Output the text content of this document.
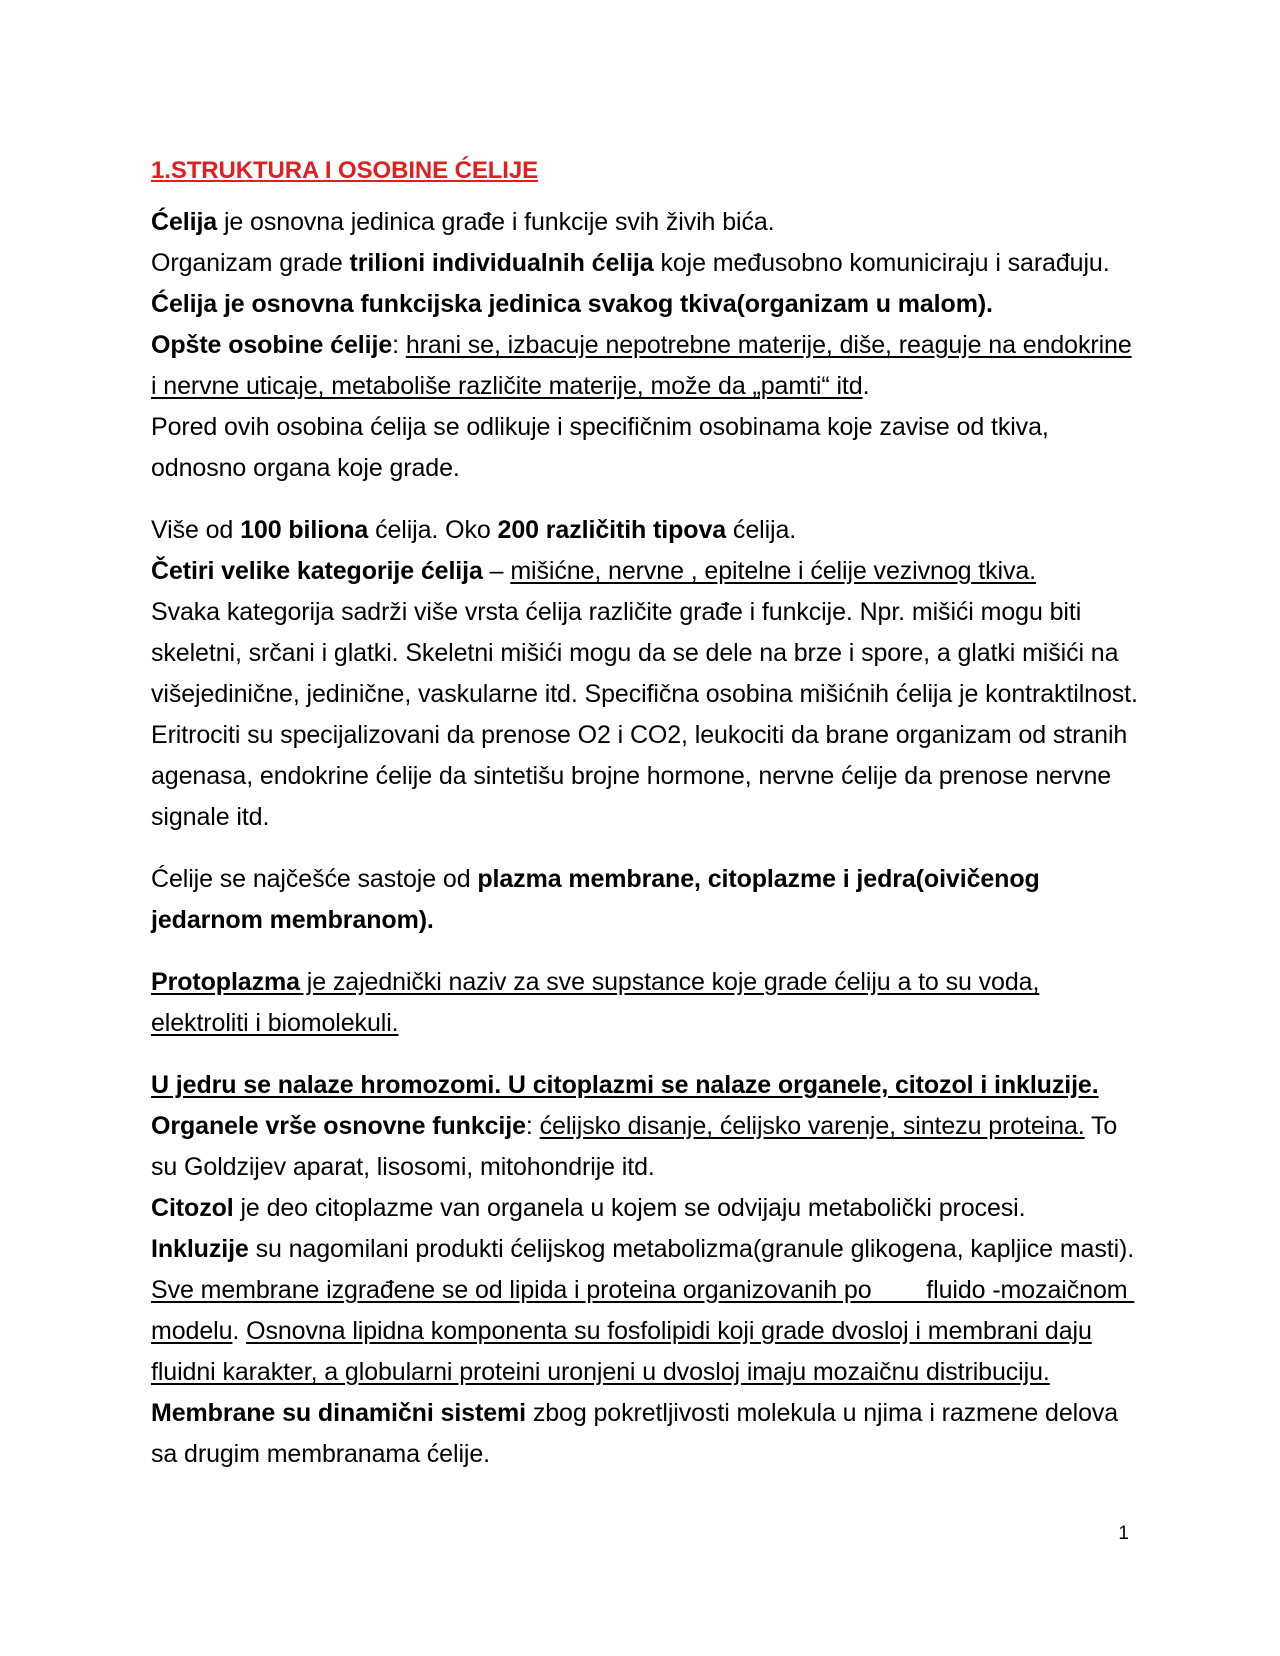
1.STRUKTURA I OSOBINE ĆELIJE

Ćelija je osnovna jedinica građe i funkcije svih živih bića.
Organizam grade trilioni individualnih ćelija koje međusobno komuniciraju i sarađuju. Ćelija je osnovna funkcijska jedinica svakog tkiva(organizam u malom).
Opšte osobine ćelije: hrani se, izbacuje nepotrebne materije, diše, reaguje na endokrine i nervne uticaje, metaboliše različite materije, može da „pamti“ itd.
Pored ovih osobina ćelija se odlikuje i specifičnim osobinama koje zavise od tkiva, odnosno organa koje grade.

Više od 100 biliona ćelija. Oko 200 različitih tipova ćelija.
Četiri velike kategorije ćelija – mišićne, nervne , epitelne i ćelije vezivnog tkiva.
Svaka kategorija sadrži više vrsta ćelija različite građe i funkcije. Npr. mišići mogu biti skeletni, srčani i glatki. Skeletni mišići mogu da se dele na brze i spore, a glatki mišići na višejedinične, jedinične, vaskularne itd. Specifična osobina mišićnih ćelija je kontraktilnost. Eritrociti su specijalizovani da prenose O2 i CO2, leukociti da brane organizam od stranih agenasa, endokrine ćelije da sintetišu brojne hormone, nervne ćelije da prenose nervne signale itd.

Ćelije se najčešće sastoje od plazma membrane, citoplazme i jedra(oivičenog jedarnom membranom).

Protoplazma je zajednički naziv za sve supstance koje grade ćeliju a to su voda, elektroliti i biomolekuli.

U jedru se nalaze hromozomi. U citoplazmi se nalaze organele, citozol i inkluzije.
Organele vrše osnovne funkcije: ćelijsko disanje, ćelijsko varenje, sintezu proteina. To su Goldzijev aparat, lisosomi, mitohondrije itd.
Citozol je deo citoplazme van organela u kojem se odvijaju metabolički procesi.
Inkluzije su nagomilani produkti ćelijskog metabolizma(granule glikogena, kapljice masti). Sve membrane izgrađene se od lipida i proteina organizovanih po        fluido -mozaičnom modelu. Osnovna lipidna komponenta su fosfolipidi koji grade dvosloj i membrani daju fluidni karakter, a globularni proteini uronjeni u dvosloj imaju mozaičnu distribuciju. Membrane su dinamični sistemi zbog pokretljivosti molekula u njima i razmene delova sa drugim membranama ćelije.

1
